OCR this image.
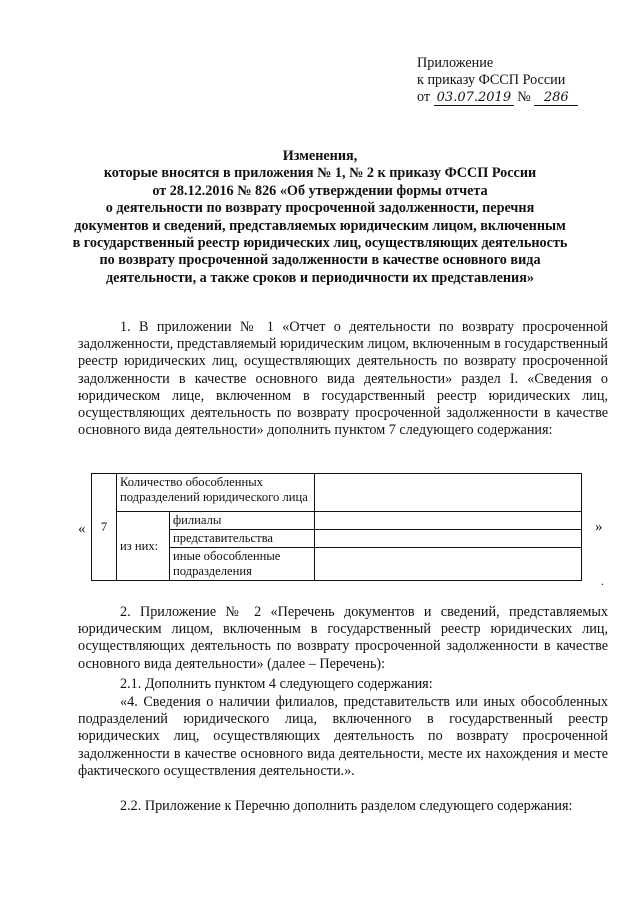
Приложение
к приказу ФССП России
от 03.07.2019 № 286
Изменения,
которые вносятся в приложения № 1, № 2 к приказу ФССП России
от 28.12.2016 № 826 «Об утверждении формы отчета
о деятельности по возврату просроченной задолженности, перечня
документов и сведений, представляемых юридическим лицом, включенным
в государственный реестр юридических лиц, осуществляющих деятельность
по возврату просроченной задолженности в качестве основного вида
деятельности, а также сроков и периодичности их представления»
1. В приложении № 1 «Отчет о деятельности по возврату просроченной задолженности, представляемый юридическим лицом, включенным в государственный реестр юридических лиц, осуществляющих деятельность по возврату просроченной задолженности в качестве основного вида деятельности» раздел I. «Сведения о юридическом лице, включенном в государственный реестр юридических лиц, осуществляющих деятельность по возврату просроченной задолженности в качестве основного вида деятельности» дополнить пунктом 7 следующего содержания:
« 7	Количество обособленных подразделений юридического лица		
	из них:	филиалы	
		представительства	
		иные обособленные подразделения	
»
.
2. Приложение № 2 «Перечень документов и сведений, представляемых юридическим лицом, включенным в государственный реестр юридических лиц, осуществляющих деятельность по возврату просроченной задолженности в качестве основного вида деятельности» (далее – Перечень):
2.1. Дополнить пунктом 4 следующего содержания:
«4. Сведения о наличии филиалов, представительств или иных обособленных подразделений юридического лица, включенного в государственный реестр юридических лиц, осуществляющих деятельность по возврату просроченной задолженности в качестве основного вида деятельности, месте их нахождения и месте фактического осуществления деятельности.».
2.2. Приложение к Перечню дополнить разделом следующего содержания:
